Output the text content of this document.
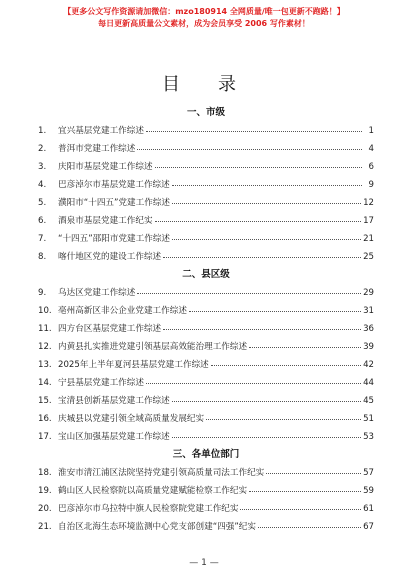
【更多公文写作资源请加微信：mzo180914 全网质量/唯一包更新不跑路！】
每日更新高质量公文素材，成为会员享受 2006 写作素材！
目　录
一、市级
1.	宜兴基层党建工作综述	1
2.	普洱市党建工作综述	4
3.	庆阳市基层党建工作综述	6
4.	巴彦淖尔市基层党建工作综述	9
5.	濮阳市“十四五”党建工作综述	12
6.	酒泉市基层党建工作纪实	17
7.	“十四五”邵阳市党建工作综述	21
8.	喀什地区党的建设工作综述	25
二、县区级
9.	乌达区党建工作综述	29
10. 亳州高新区非公企业党建工作综述	31
11. 四方台区基层党建工作综述	36
12. 内黄县扎实推进党建引领基层高效能治理工作综述	39
13. 2025年上半年夏河县基层党建工作综述	42
14. 宁县基层党建工作综述	44
15. 宝清县创新基层党建工作综述	45
16. 庆城县以党建引领全域高质量发展纪实	51
17. 宝山区加强基层党建工作综述	53
三、各单位部门
18. 淮安市清江浦区法院坚持党建引领高质量司法工作纪实	57
19. 鹤山区人民检察院以高质量党建赋能检察工作纪实	59
20. 巴彦淖尔市乌拉特中旗人民检察院党建工作纪实	61
21. 自治区北海生态环境监测中心党支部创建“四强”纪实	67
— 1 —
